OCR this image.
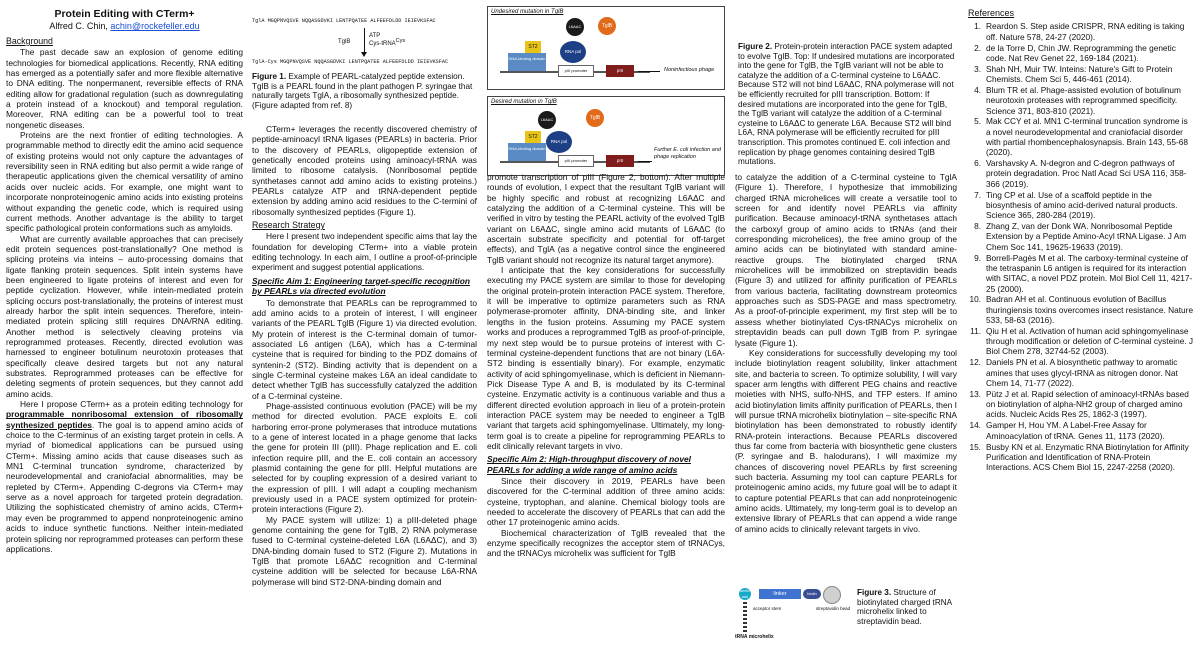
Protein Editing with CTerm+
Alfred C. Chin, achin@rockefeller.edu
Background

The past decade saw an explosion of genome editing technologies for biomedical applications. Recently, RNA editing has emerged as a potentially safer and more flexible alternative to DNA editing. The nonpermanent, reversible effects of RNA editing allow for gradational regulation (such as downregulating a protein instead of a knockout) and temporal regulation. Moreover, RNA editing can be a powerful tool to treat nongenetic diseases.

Proteins are the next frontier of editing technologies. A programmable method to directly edit the amino acid sequence of existing proteins would not only capture the advantages of reversibility seen in RNA editing but also permit a wide range of therapeutic applications given the chemical versatility of amino acids over nucleic acids. For example, one might want to incorporate nonproteinogenic amino acids into existing proteins without expanding the genetic code, which is required using current methods. Another advantage is the ability to target specific pathological protein conformations such as amyloids.

What are currently available approaches that can precisely edit protein sequences post-translationally? One method is splicing proteins via inteins – auto-processing domains that ligate flanking protein sequences. Split intein systems have been engineered to ligate proteins of interest and even for peptide cyclization. However, while intein-mediated protein splicing occurs post-translationally, the proteins of interest must already harbor the split intein sequences. Therefore, intein-mediated protein splicing still requires DNA/RNA editing. Another method is selectively cleaving proteins via reprogrammed proteases. Recently, directed evolution was harnessed to engineer botulinum neurotoxin proteases that specifically cleave desired targets but not any natural substrates. Reprogrammed proteases can be effective for deleting segments of protein sequences, but they cannot add amino acids.

Here I propose CTerm+ as a protein editing technology for programmable nonribosomal extension of ribosomally synthesized peptides. The goal is to append amino acids of choice to the C-terminus of an existing target protein in cells. A myriad of biomedical applications can be pursued using CTerm+. Missing amino acids that cause diseases such as MN1 C-terminal truncation syndrome, characterized by neurodevelopmental and craniofacial abnormalities, may be repleted by CTerm+. Appending C-degrons via CTerm+ may serve as a novel approach for targeted protein degradation. Utilizing the sophisticated chemistry of amino acids, CTerm+ may even be programmed to append nonproteinogenic amino acids to induce synthetic functions. Neither intein-mediated protein splicing nor reprogrammed proteases can perform these applications.

TglA MGQPNVQSVE NQQASGDVKI LENTPQATEE ALFEEFDLDD IEIEVKSFAC
TglB
ATP
Cys-tRNA$^{Cys}$
TglA-Cys MGQPNVQSVE NQQASGDVKI LENTPQATEE ALFEEFDLDD IEIEVKSFAC
Figure 1. Example of PEARL-catalyzed peptide extension. TglB is a PEARL found in the plant pathogen P. syringae that naturally targets TglA, a ribosomally synthesized peptide. (Figure adapted from ref. 8)

CTerm+ leverages the recently discovered chemistry of peptide-aminoacyl tRNA ligases (PEARLs) in bacteria. Prior to the discovery of PEARLs, oligopeptide extension of genetically encoded proteins using aminoacyl-tRNA was limited to ribosome catalysis. (Nonribosomal peptide synthetases cannot add amino acids to existing proteins.) PEARLs catalyze ATP and tRNA-dependent peptide extension by adding amino acid residues to the C-termini of ribosomally synthesized peptides (Figure 1).

Research Strategy

Here I present two independent specific aims that lay the foundation for developing CTerm+ into a viable protein editing technology. In each aim, I outline a proof-of-principle experiment and suggest potential applications.

Specific Aim 1: Engineering target-specific recognition by PEARLs via directed evolution

To demonstrate that PEARLs can be reprogrammed to add amino acids to a protein of interest, I will engineer variants of the PEARL TglB (Figure 1) via directed evolution. My protein of interest is the C-terminal domain of tumor-associated L6 antigen (L6A), which has a C-terminal cysteine that is required for binding to the PDZ domains of syntenin-2 (ST2). Binding activity that is dependent on a single C-terminal cysteine makes L6A an ideal candidate to detect whether TglB has successfully catalyzed the addition of a C-terminal cysteine.

Phage-assisted continuous evolution (PACE) will be my method for directed evolution. PACE exploits E. coli harboring error-prone polymerases that introduce mutations to a gene of interest located in a phage genome that lacks the gene for protein III (pIII). Phage replication and E. coli infection require pIII, and the E. coli contain an accessory plasmid containing the gene for pIII. Helpful mutations are selected for by coupling expression of a desired variant to the expression of pIII. I will adapt a coupling mechanism previously used in a PACE system optimized for protein-protein interactions (Figure 2).

My PACE system will utilize: 1) a pIII-deleted phage genome containing the gene for TglB, 2) RNA polymerase fused to C-terminal cysteine-deleted L6A (L6AΔC), and 3) DNA-binding domain fused to ST2 (Figure 2). Mutations in TglB that promote L6AΔC recognition and C-terminal cysteine addition will be selected for because L6A-RNA polymerase will bind ST2-DNA-binding domain and

Undesired mutation in TglB
L6AΔC	TglB
ST2
DNA-binding domain
RNA pol
pIII promoter	pIII	Noninfectious phage
Desired mutation in TglB
L6AΔC	TglB
ST2
DNA-binding domain
RNA pol
pIII promoter	pIII
Further E. coli infection and phage replication
Figure 2. Protein-protein interaction PACE system adapted to evolve TglB. Top: If undesired mutations are incorporated into the gene for TglB, the TglB variant will not be able to catalyze the addition of a C-terminal cysteine to L6AΔC. Because ST2 will not bind L6AΔC, RNA polymerase will not be efficiently recruited for pIII transcription. Bottom: If desired mutations are incorporated into the gene for TglB, the TglB variant will catalyze the addition of a C-terminal cysteine to L6AΔC to generate L6A. Because ST2 will bind L6A, RNA polymerase will be efficiently recruited for pIII transcription. This promotes continued E. coli infection and replication by phage genomes containing desired TglB mutations.

promote transcription of pIII (Figure 2, bottom). After multiple rounds of evolution, I expect that the resultant TglB variant will be highly specific and robust at recognizing L6AΔC and catalyzing the addition of a C-terminal cysteine. This will be verified in vitro by testing the PEARL activity of the evolved TglB variant on L6AΔC, single amino acid mutants of L6AΔC (to ascertain substrate specificity and potential for off-target effects), and TglA (as a negative control since the engineered TglB variant should not recognize its natural target anymore).

I anticipate that the key considerations for successfully executing my PACE system are similar to those for developing the original protein-protein interaction PACE system. Therefore, it will be imperative to optimize parameters such as RNA polymerase-promoter affinity, DNA-binding site, and linker lengths in the fusion proteins. Assuming my PACE system works and produces a reprogrammed TglB as proof-of-principle, my next step would be to pursue proteins of interest with C-terminal cysteine-dependent functions that are not binary (L6A-ST2 binding is essentially binary). For example, enzymatic activity of acid sphingomyelinase, which is deficient in Niemann-Pick Disease Type A and B, is modulated by its C-terminal cysteine. Enzymatic activity is a continuous variable and thus a different directed evolution approach in lieu of a protein-protein interaction PACE system may be needed to engineer a TglB variant that targets acid sphingomyelinase. Ultimately, my long-term goal is to create a pipeline for reprogramming PEARLs to edit clinically relevant targets in vivo.

Specific Aim 2: High-throughput discovery of novel PEARLs for adding a wide range of amino acids

Since their discovery in 2019, PEARLs have been discovered for the C-terminal addition of three amino acids: cysteine, tryptophan, and alanine. Chemical biology tools are needed to accelerate the discovery of PEARLs that can add the other 17 proteinogenic amino acids.

Biochemical characterization of TglB revealed that the enzyme specifically recognizes the acceptor stem of tRNACys, and the tRNACys microhelix was sufficient for TglB

to catalyze the addition of a C-terminal cysteine to TglA (Figure 1). Therefore, I hypothesize that immobilizing charged tRNA microhelices will create a versatile tool to screen for and identify novel PEARLs via affinity purification. Because aminoacyl-tRNA synthetases attach the carboxyl group of amino acids to tRNAs (and their corresponding microhelices), the free amino group of the amino acids can be biotinylated with standard amine-reactive groups. The biotinylated charged tRNA microhelices will be immobilized on streptavidin beads (Figure 3) and utilized for affinity purification of PEARLs from various bacteria, facilitating downstream proteomics approaches such as SDS-PAGE and mass spectrometry. As a proof-of-principle experiment, my first step will be to assess whether biotinylated Cys-tRNACys microhelix on streptavidin beads can pull down TglB from P. syringae lysate (Figure 1).

Key considerations for successfully developing my tool include biotinylation reagent solubility, linker attachment site, and bacteria to screen. To optimize solubility, I will vary spacer arm lengths with different PEG chains and reactive moieties with NHS, sulfo-NHS, and TFP esters. If amino acid biotinylation limits affinity purification of PEARLs, then I will pursue tRNA microhelix biotinylation – site-specific RNA biotinylation has been demonstrated to robustly identify RNA-protein interactions. Because PEARLs discovered thus far come from bacteria with biosynthetic gene clusters (P. syringae and B. halodurans), I will maximize my chances of discovering novel PEARLs by first screening such bacteria. Assuming my tool can capture PEARLs for proteinogenic amino acids, my future goal will be to adapt it to capture potential PEARLs that can add nonproteinogenic amino acids. Ultimately, my long-term goal is to develop an extensive library of PEARLs that can append a wide range of amino acids to clinically relevant targets in vivo.

amino acid	linker	biotin
streptavidin bead
acceptor stem
tRNA microhelix
Figure 3. Structure of biotinylated charged tRNA microhelix linked to streptavidin bead.
References
1. Reardon S. Step aside CRISPR, RNA editing is taking off. Nature 578, 24-27 (2020).
2. de la Torre D, Chin JW. Reprogramming the genetic code. Nat Rev Genet 22, 169-184 (2021).
3. Shah NH, Muir TW. Inteins: Nature's Gift to Protein Chemists. Chem Sci 5, 446-461 (2014).
4. Blum TR et al. Phage-assisted evolution of botulinum neurotoxin proteases with reprogrammed specificity. Science 371, 803-810 (2021).
5. Mak CCY et al. MN1 C-terminal truncation syndrome is a novel neurodevelopmental and craniofacial disorder with partial rhombencephalosynapsis. Brain 143, 55-68 (2020).
6. Varshavsky A. N-degron and C-degron pathways of protein degradation. Proc Natl Acad Sci USA 116, 358-366 (2019).
7. Ting CP et al. Use of a scaffold peptide in the biosynthesis of amino acid-derived natural products. Science 365, 280-284 (2019).
8. Zhang Z, van der Donk WA. Nonribosomal Peptide Extension by a Peptide Amino-Acyl tRNA Ligase. J Am Chem Soc 141, 19625-19633 (2019).
9. Borrell-Pagès M et al. The carboxy-terminal cysteine of the tetraspanin L6 antigen is required for its interaction with SITAC, a novel PDZ protein. Mol Biol Cell 11, 4217-25 (2000).
10. Badran AH et al. Continuous evolution of Bacillus thuringiensis toxins overcomes insect resistance. Nature 533, 58-63 (2016).
11. Qiu H et al. Activation of human acid sphingomyelinase through modification or deletion of C-terminal cysteine. J Biol Chem 278, 32744-52 (2003).
12. Daniels PN et al. A biosynthetic pathway to aromatic amines that uses glycyl-tRNA as nitrogen donor. Nat Chem 14, 71-77 (2022).
13. Pütz J et al. Rapid selection of aminoacyl-tRNAs based on biotinylation of alpha-NH2 group of charged amino acids. Nucleic Acids Res 25, 1862-3 (1997).
14. Gamper H, Hou YM. A Label-Free Assay for Aminoacylation of tRNA. Genes 11, 1173 (2020).
15. Busby KN et al. Enzymatic RNA Biotinylation for Affinity Purification and Identification of RNA-Protein Interactions. ACS Chem Biol 15, 2247-2258 (2020).
